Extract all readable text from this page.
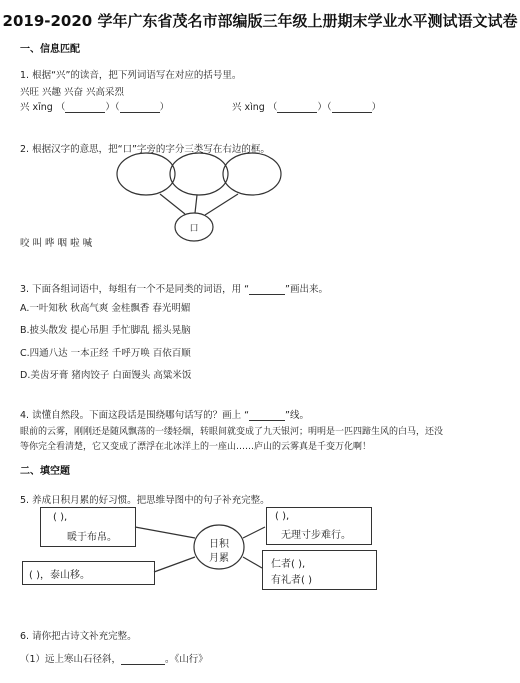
2019-2020 学年广东省茂名市部编版三年级上册期末学业水平测试语文试卷
一、信息匹配
1. 根据“兴”的读音，把下列词语写在对应的括号里。
兴旺 兴趣 兴奋 兴高采烈
兴 xīng （	）（	）	兴 xìng （	）（	）
2. 根据汉字的意思，把“口”字旁的字分三类写在右边的框。
口
咬 叫 哗 咽 啦 喊
3. 下面各组词语中，每组有一个不是同类的词语，用 “	”画出来。
A.一叶知秋 秋高气爽 金桂飘香 春光明媚
B.披头散发 提心吊胆 手忙脚乱 摇头晃脑
C.四通八达 一本正经 千呼万唤 百依百顺
D.美齿牙膏 猪肉饺子 白面馒头 高粱米饭
4. 读懂自然段。下面这段话是围绕哪句话写的？画上 “	”线。
眼前的云雾，刚刚还是随风飘荡的一缕轻烟，转眼间就变成了九天银河；明明是一匹四蹄生风的白马，还没
等你完全看清楚，它又变成了漂浮在北冰洋上的一座山……庐山的云雾真是千变万化啊！
二、填空题
5. 养成日积月累的好习惯。把思维导图中的句子补充完整。
( ),
暖于布帛。
( ),
无理寸步难行。
( )，泰山移。
仁者( ),
有礼者( )
日积
月累
6. 请你把古诗文补充完整。
（1）远上寒山石径斜，	。《山行》
